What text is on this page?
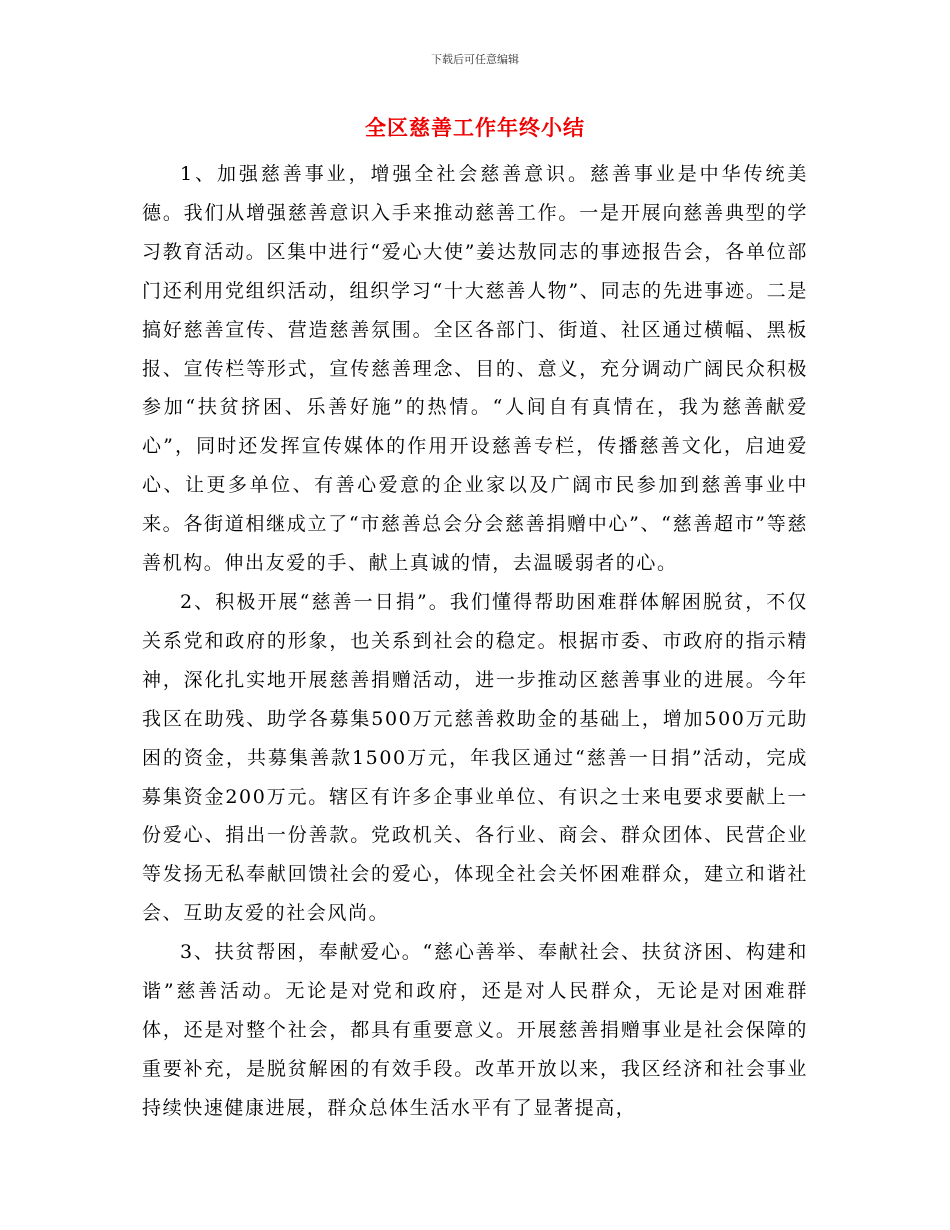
下载后可任意编辑
全区慈善工作年终小结

1、加强慈善事业，增强全社会慈善意识。慈善事业是中华传统美德。我们从增强慈善意识入手来推动慈善工作。一是开展向慈善典型的学习教育活动。区集中进行“爱心大使”姜达敖同志的事迹报告会，各单位部门还利用党组织活动，组织学习“十大慈善人物”、同志的先进事迹。二是搞好慈善宣传、营造慈善氛围。全区各部门、街道、社区通过横幅、黑板报、宣传栏等形式，宣传慈善理念、目的、意义，充分调动广阔民众积极参加“扶贫挤困、乐善好施”的热情。“人间自有真情在，我为慈善献爱心”，同时还发挥宣传媒体的作用开设慈善专栏，传播慈善文化，启迪爱心、让更多单位、有善心爱意的企业家以及广阔市民参加到慈善事业中来。各街道相继成立了“市慈善总会分会慈善捐赠中心”、“慈善超市”等慈善机构。伸出友爱的手、献上真诚的情，去温暖弱者的心。

2、积极开展“慈善一日捐”。我们懂得帮助困难群体解困脱贫，不仅关系党和政府的形象，也关系到社会的稳定。根据市委、市政府的指示精神，深化扎实地开展慈善捐赠活动，进一步推动区慈善事业的进展。今年我区在助残、助学各募集500万元慈善救助金的基础上，增加500万元助困的资金，共募集善款1500万元，年我区通过“慈善一日捐”活动，完成募集资金200万元。辖区有许多企事业单位、有识之士来电要求要献上一份爱心、捐出一份善款。党政机关、各行业、商会、群众团体、民营企业等发扬无私奉献回馈社会的爱心，体现全社会关怀困难群众，建立和谐社会、互助友爱的社会风尚。

3、扶贫帮困，奉献爱心。“慈心善举、奉献社会、扶贫济困、构建和谐”慈善活动。无论是对党和政府，还是对人民群众，无论是对困难群体，还是对整个社会，都具有重要意义。开展慈善捐赠事业是社会保障的重要补充，是脱贫解困的有效手段。改革开放以来，我区经济和社会事业持续快速健康进展，群众总体生活水平有了显著提高，
